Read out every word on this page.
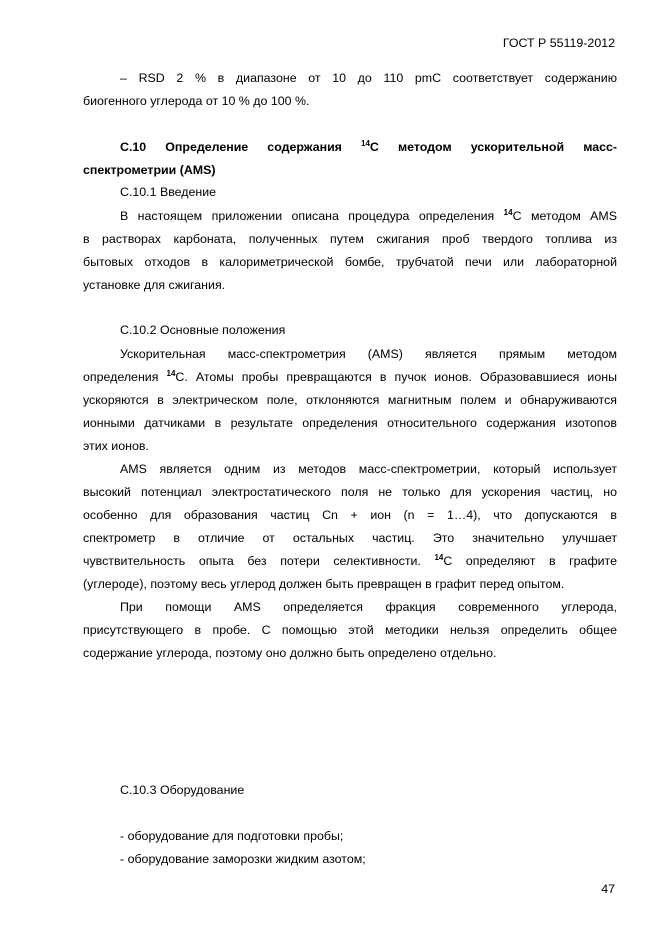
ГОСТ Р 55119-2012
– RSD 2 % в диапазоне от 10 до 110 pmC соответствует содержанию
биогенного углерода от 10 % до 100 %.
С.10 Определение содержания $^{14}$С методом ускорительной масс-
спектрометрии (AMS)
С.10.1 Введение
В настоящем приложении описана процедура определения $^{14}$С методом AMS
в растворах карбоната, полученных путем сжигания проб твердого топлива из
бытовых отходов в калориметрической бомбе, трубчатой печи или лабораторной
установке для сжигания.
С.10.2 Основные положения
Ускорительная масс-спектрометрия (AMS) является прямым методом
определения $^{14}$С. Атомы пробы превращаются в пучок ионов. Образовавшиеся ионы
ускоряются в электрическом поле, отклоняются магнитным полем и обнаруживаются
ионными датчиками в результате определения относительного содержания изотопов
этих ионов.
AMS является одним из методов масс-спектрометрии, который использует
высокий потенциал электростатического поля не только для ускорения частиц, но
особенно для образования частиц Cn + ион (n = 1…4), что допускаются в
спектрометр в отличие от остальных частиц. Это значительно улучшает
чувствительность опыта без потери селективности. $^{14}$С определяют в графите
(углероде), поэтому весь углерод должен быть превращен в графит перед опытом.
При помощи AMS определяется фракция современного углерода,
присутствующего в пробе. С помощью этой методики нельзя определить общее
содержание углерода, поэтому оно должно быть определено отдельно.
С.10.3 Оборудование
- оборудование для подготовки пробы;
- оборудование заморозки жидким азотом;
47
